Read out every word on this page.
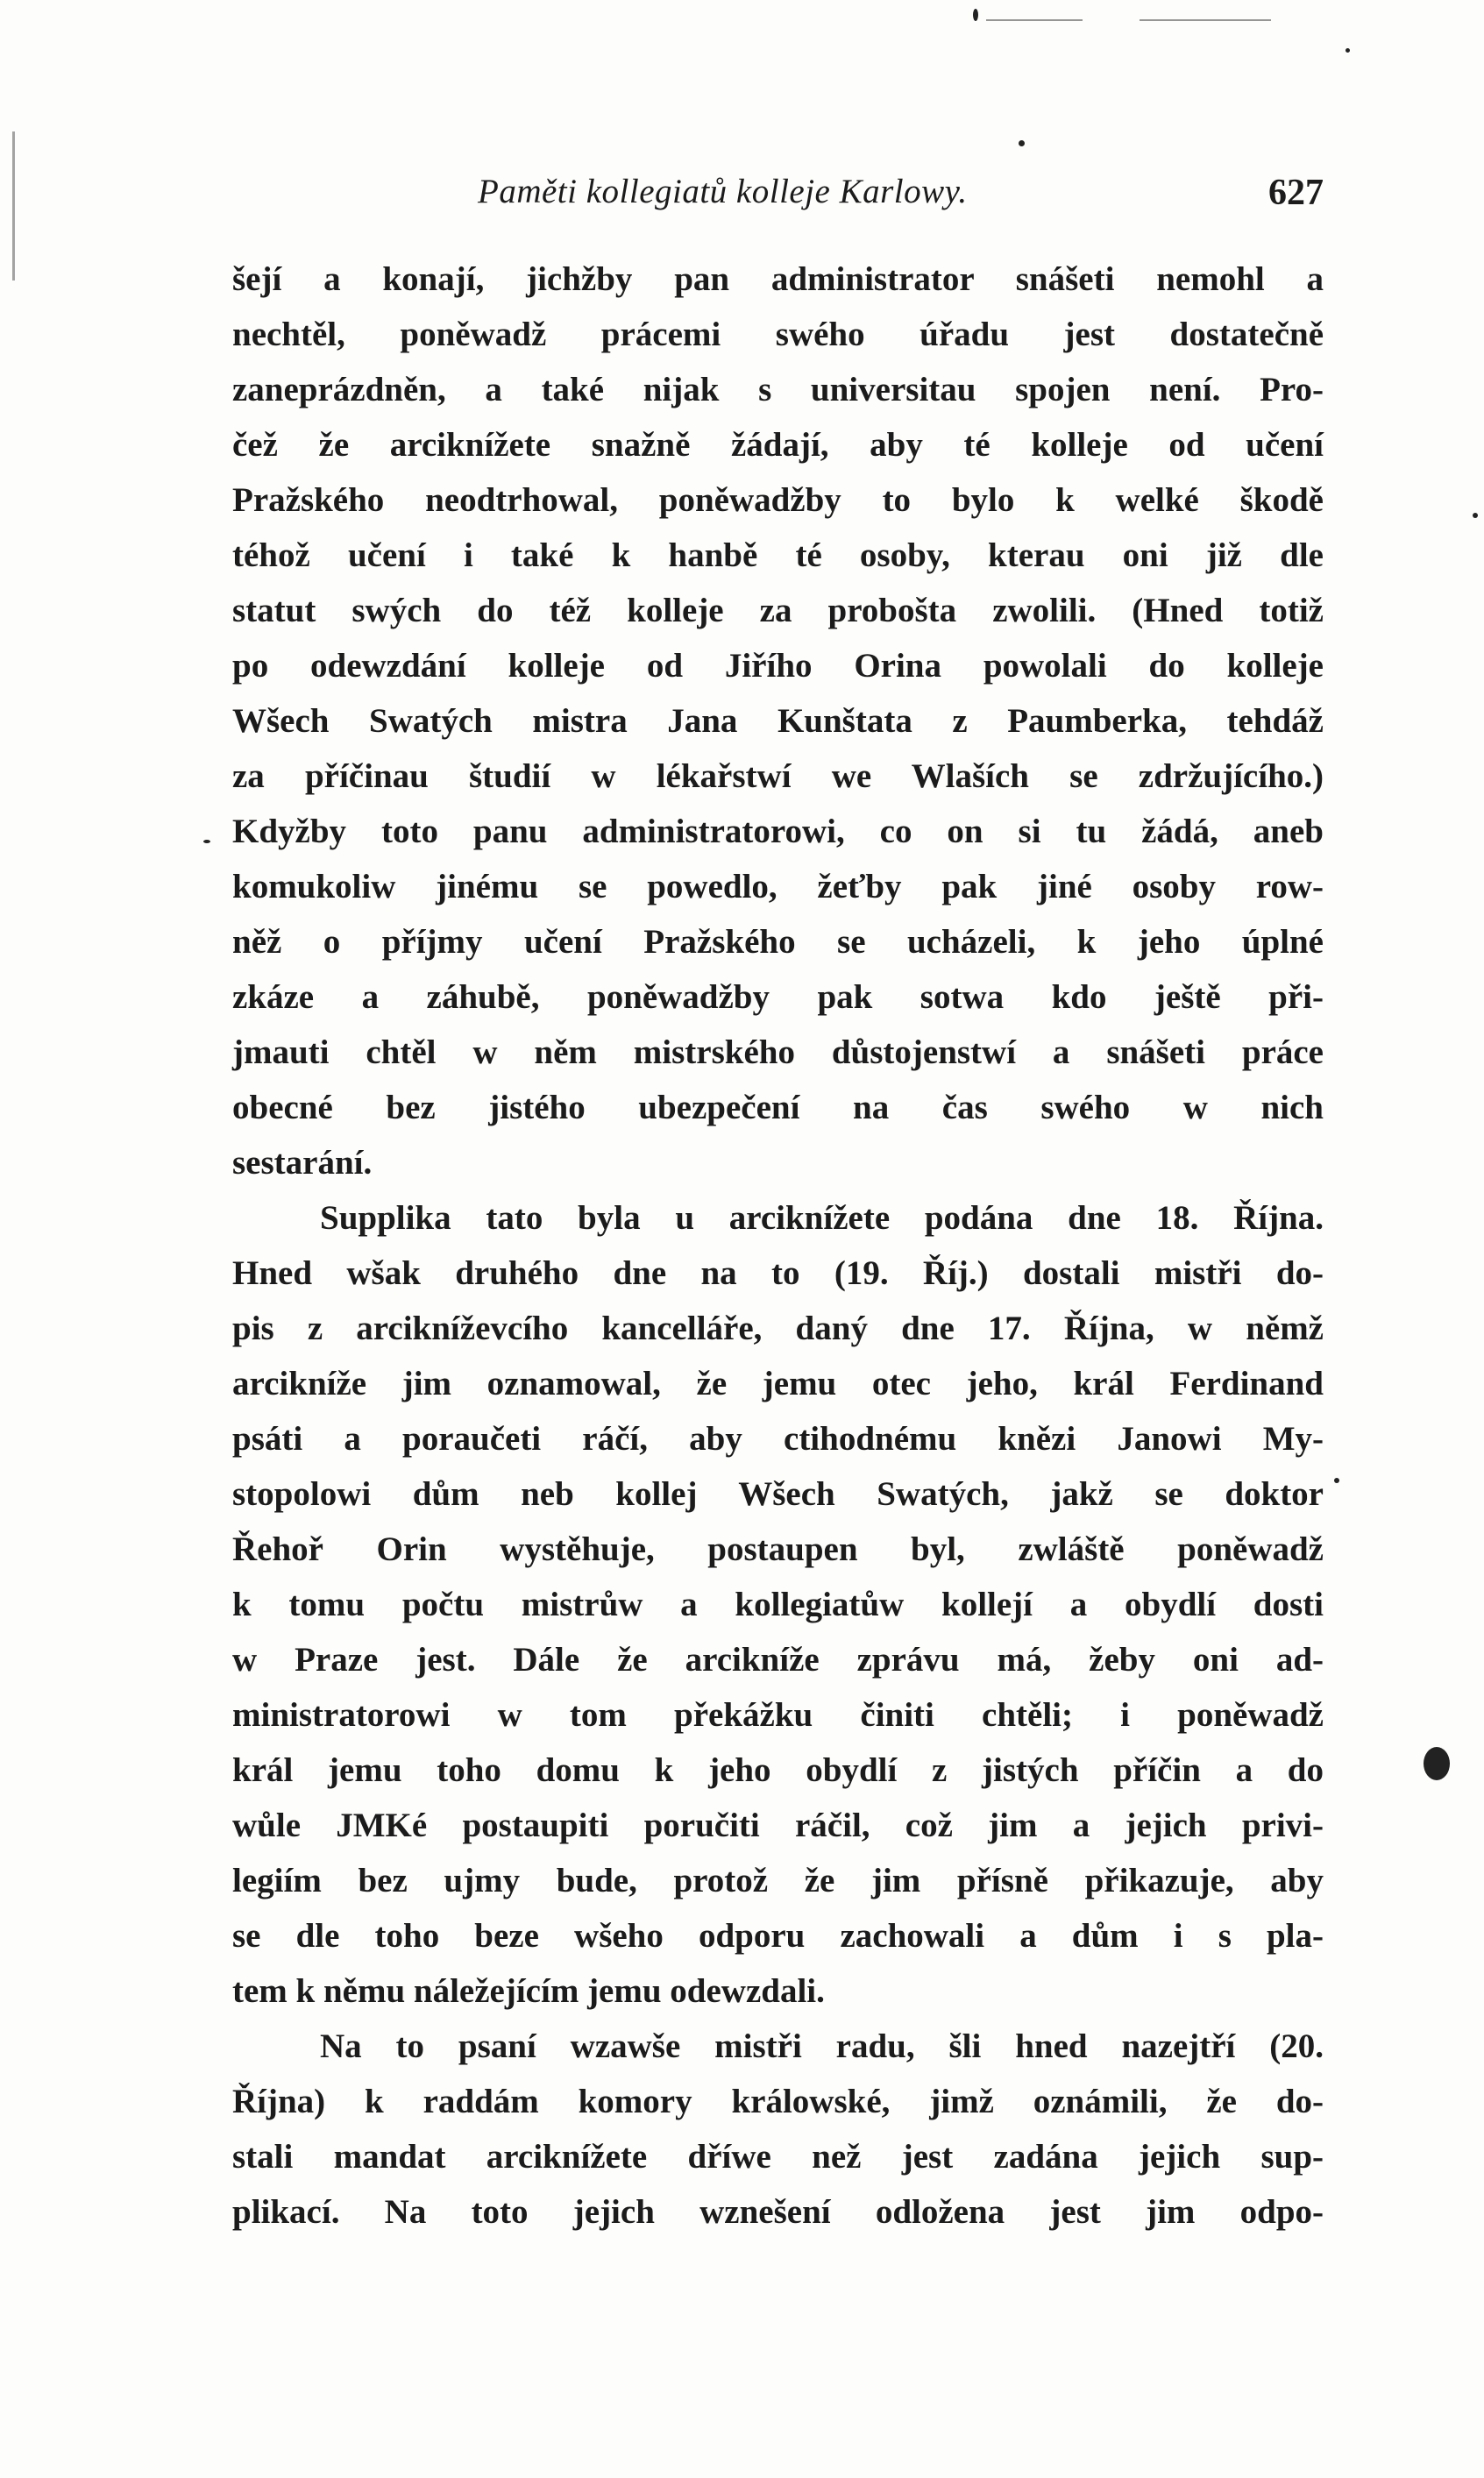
Paměti kollegiatů kolleje Karlowy.	627
šejí a konají, jichžby pan administrator snášeti nemohl a
nechtěl, poněwadž prácemi swého úřadu jest dostatečně
zaneprázdněn, a také nijak s universitau spojen není. Pro-
čež že arciknížete snažně žádají, aby té kolleje od učení
Pražského neodtrhowal, poněwadžby to bylo k welké škodě
téhož učení i také k hanbě té osoby, kterau oni již dle
statut swých do též kolleje za probošta zwolili. (Hned totiž
po odewzdání kolleje od Jiřího Orina powolali do kolleje
Wšech Swatých mistra Jana Kunštata z Paumberka, tehdáž
za příčinau študií w lékařstwí we Wlaších se zdržujícího.)
Kdyžby toto panu administratorowi, co on si tu žádá, aneb
komukoliw jinému se powedlo, žeťby pak jiné osoby row-
něž o příjmy učení Pražského se ucházeli, k jeho úplné
zkáze a záhubě, poněwadžby pak sotwa kdo ještě při-
jmauti chtěl w něm mistrského důstojenstwí a snášeti práce
obecné bez jistého ubezpečení na čas swého w nich
sestarání.
Supplika tato byla u arciknížete podána dne 18. Října.
Hned wšak druhého dne na to (19. Říj.) dostali mistři do-
pis z arcikníževcího kancelláře, daný dne 17. Října, w němž
arcikníže jim oznamowal, že jemu otec jeho, král Ferdinand
psáti a poraučeti ráčí, aby ctihodnému knězi Janowi My-
stopolowi dům neb kollej Wšech Swatých, jakž se doktor
Řehoř Orin wystěhuje, postaupen byl, zwláště poněwadž
k tomu počtu mistrůw a kollegiatůw kollejí a obydlí dosti
w Praze jest. Dále že arcikníže zprávu má, žeby oni ad-
ministratorowi w tom překážku činiti chtěli; i poněwadž
král jemu toho domu k jeho obydlí z jistých příčin a do
wůle JMKé postaupiti poručiti ráčil, což jim a jejich privi-
legiím bez ujmy bude, protož že jim přísně přikazuje, aby
se dle toho beze wšeho odporu zachowali a dům i s pla-
tem k němu náležejícím jemu odewzdali.
Na to psaní wzawše mistři radu, šli hned nazejtří (20.
Října) k raddám komory králowské, jimž oznámili, že do-
stali mandat arciknížete dříwe než jest zadána jejich sup-
plikací. Na toto jejich wznešení odložena jest jim odpo-
